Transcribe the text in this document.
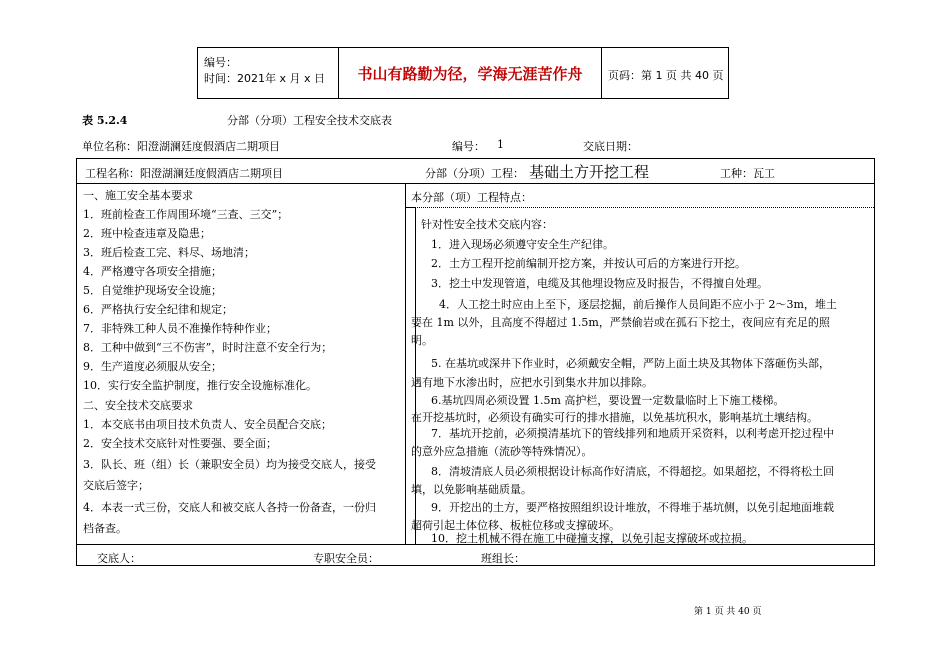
编号：
时间：2021年 x 月 x 日	书山有路勤为径，学海无涯苦作舟	页码：第 1 页 共 40 页
表 5.2.4	分部（分项）工程安全技术交底表
单位名称：阳澄湖澜廷度假酒店二期项目	编号： 1	交底日期：
工程名称：阳澄湖澜廷度假酒店二期项目	分部（分项）工程： 基础土方开挖工程	工种：瓦工
本分部（项）工程特点：
一、施工安全基本要求
1．班前检查工作周围环境“三查、三交”；
2．班中检查违章及隐患；
3．班后检查工完、料尽、场地清；
4．严格遵守各项安全措施；
5．自觉维护现场安全设施；
6．严格执行安全纪律和规定；
7．非特殊工种人员不准操作特种作业；
8．工种中做到“三不伤害”，时时注意不安全行为；
9．生产道度必须服从安全；
10．实行安全监护制度，推行安全设施标准化。
二、安全技术交底要求
1．本交底书由项目技术负责人、安全员配合交底；
2．安全技术交底针对性要强、要全面；
3．队长、班（组）长（兼职安全员）均为接受交底人，接受
交底后签字；
4．本表一式三份，交底人和被交底人各持一份备查，一份归
档备查。
针对性安全技术交底内容：
1．进入现场必须遵守安全生产纪律。
2．土方工程开挖前编制开挖方案，并按认可后的方案进行开挖。
3．挖土中发现管道，电缆及其他埋设物应及时报告，不得擅自处理。
4．人工挖土时应由上至下，逐层挖掘，前后操作人员间距不应小于 2～3m，堆土
要在 1m 以外，且高度不得超过 1.5m，严禁偷岩或在孤石下挖土，夜间应有充足的照
明。
5. 在基坑或深井下作业时，必须戴安全帽，严防上面土块及其物体下落砸伤头部，
遇有地下水渗出时，应把水引到集水井加以排除。
6.基坑四周必须设置 1.5m 高护栏，要设置一定数量临时上下施工楼梯。
在开挖基坑时，必须设有确实可行的排水措施，以免基坑积水，影响基坑土壤结构。
7．基坑开挖前，必须摸清基坑下的管线排列和地质开采资料，以利考虑开挖过程中
的意外应急措施（流砂等特殊情况）。
8．清坡清底人员必须根据设计标高作好清底，不得超挖。如果超挖，不得将松土回
填，以免影响基础质量。
9．开挖出的土方，要严格按照组织设计堆放，不得堆于基坑侧，以免引起地面堆载
超荷引起土体位移、板桩位移或支撑破坏。
10．挖土机械不得在施工中碰撞支撑，以免引起支撑破坏或拉损。
交底人：	专职安全员：	班组长：
第 1 页 共 40 页
